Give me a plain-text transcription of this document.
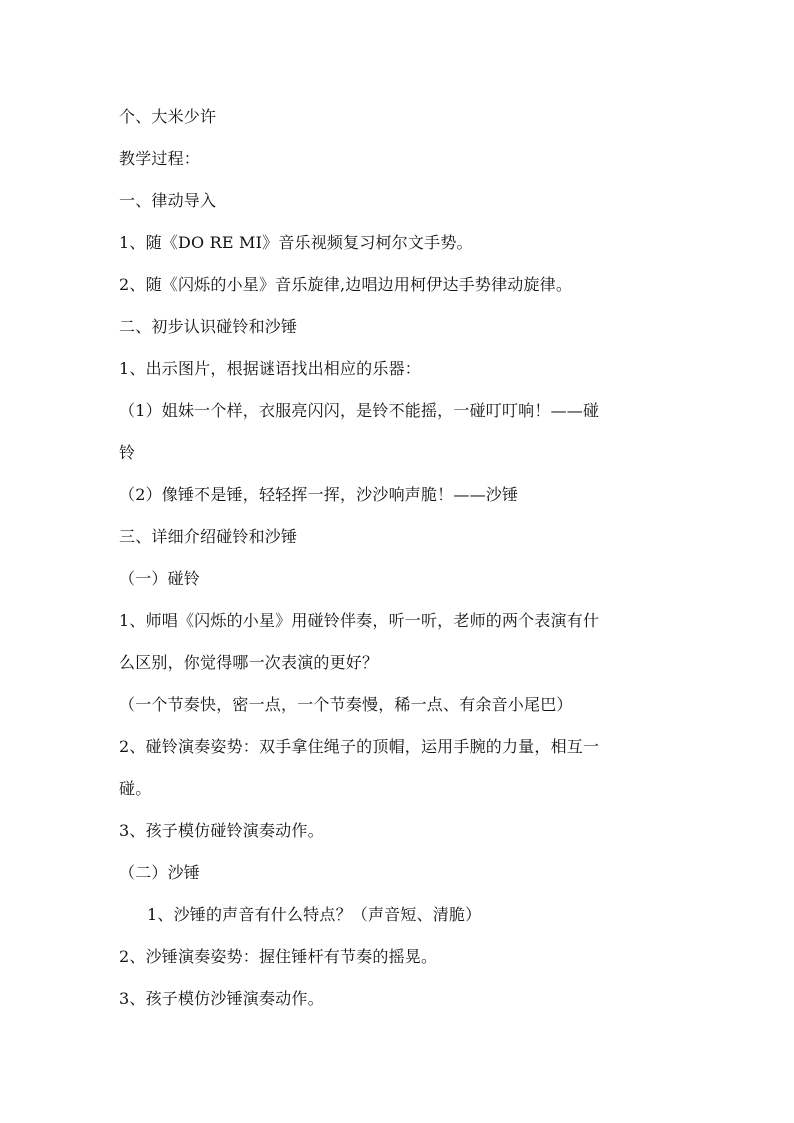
个、大米少许
教学过程：
一、律动导入
1、随《DO RE MI》音乐视频复习柯尔文手势。
2、随《闪烁的小星》音乐旋律,边唱边用柯伊达手势律动旋律。
二、初步认识碰铃和沙锤
1、出示图片，根据谜语找出相应的乐器：
（1）姐妹一个样，衣服亮闪闪，是铃不能摇，一碰叮叮响！——碰
铃
（2）像锤不是锤，轻轻挥一挥，沙沙响声脆！——沙锤
三、详细介绍碰铃和沙锤
（一）碰铃
1、师唱《闪烁的小星》用碰铃伴奏，听一听，老师的两个表演有什
么区别，你觉得哪一次表演的更好？
（一个节奏快，密一点，一个节奏慢，稀一点、有余音小尾巴）
2、碰铃演奏姿势：双手拿住绳子的顶帽，运用手腕的力量，相互一
碰。
3、孩子模仿碰铃演奏动作。
（二）沙锤
1、沙锤的声音有什么特点？（声音短、清脆）
2、沙锤演奏姿势：握住锤杆有节奏的摇晃。
3、孩子模仿沙锤演奏动作。
